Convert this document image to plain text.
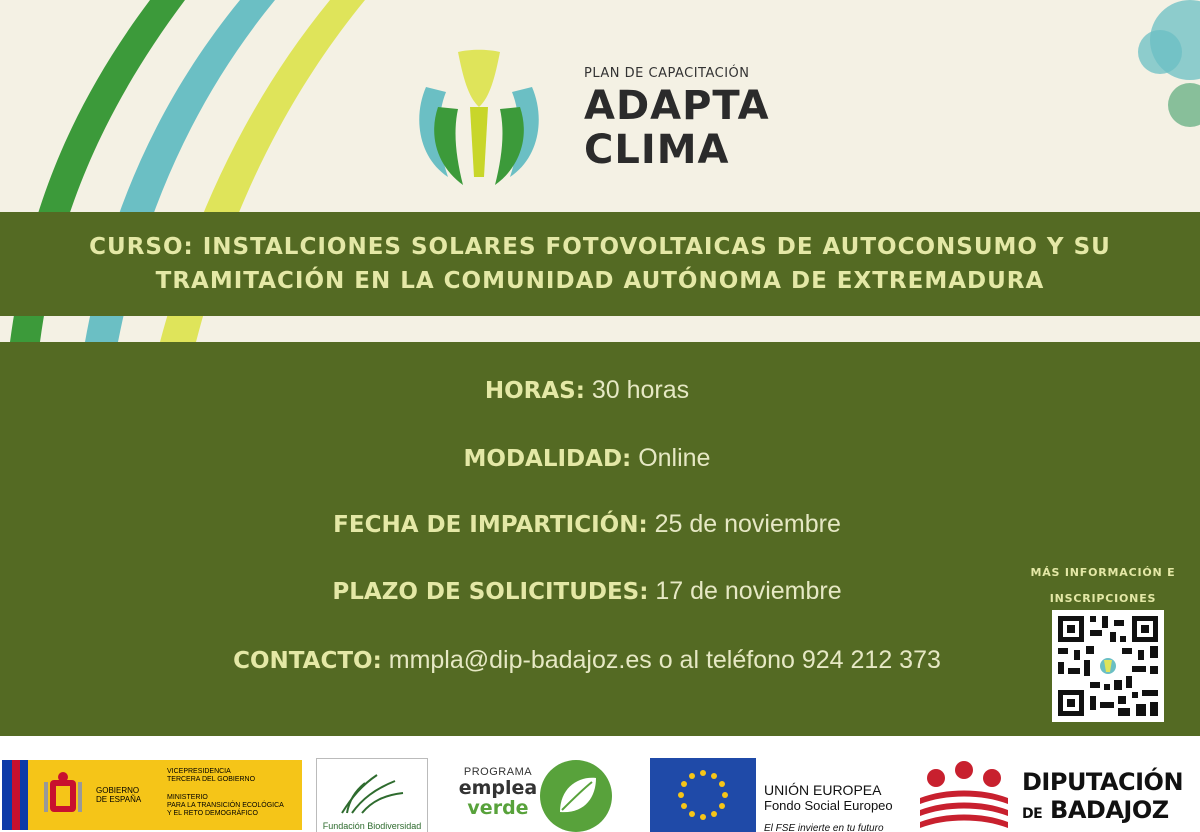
PLAN DE CAPACITACIÓN
ADAPTA
CLIMA
CURSO: INSTALCIONES SOLARES FOTOVOLTAICAS DE AUTOCONSUMO Y SU TRAMITACIÓN EN LA COMUNIDAD AUTÓNOMA DE EXTREMADURA
HORAS: 30 horas
MODALIDAD: Online
FECHA DE IMPARTICIÓN: 25 de noviembre
PLAZO DE SOLICITUDES: 17 de noviembre
CONTACTO: mmpla@dip-badajoz.es o al teléfono 924 212 373
MÁS INFORMACIÓN E
INSCRIPCIONES
GOBIERNO
DE ESPAÑA
VICEPRESIDENCIA
TERCERA DEL GOBIERNO
MINISTERIO
PARA LA TRANSICIÓN ECOLÓGICA
Y EL RETO DEMOGRÁFICO
Fundación Biodiversidad
PROGRAMA
emplea
verde
UNIÓN EUROPEA
Fondo Social Europeo
El FSE invierte en tu futuro
DIPUTACIÓN
DE BADAJOZ
